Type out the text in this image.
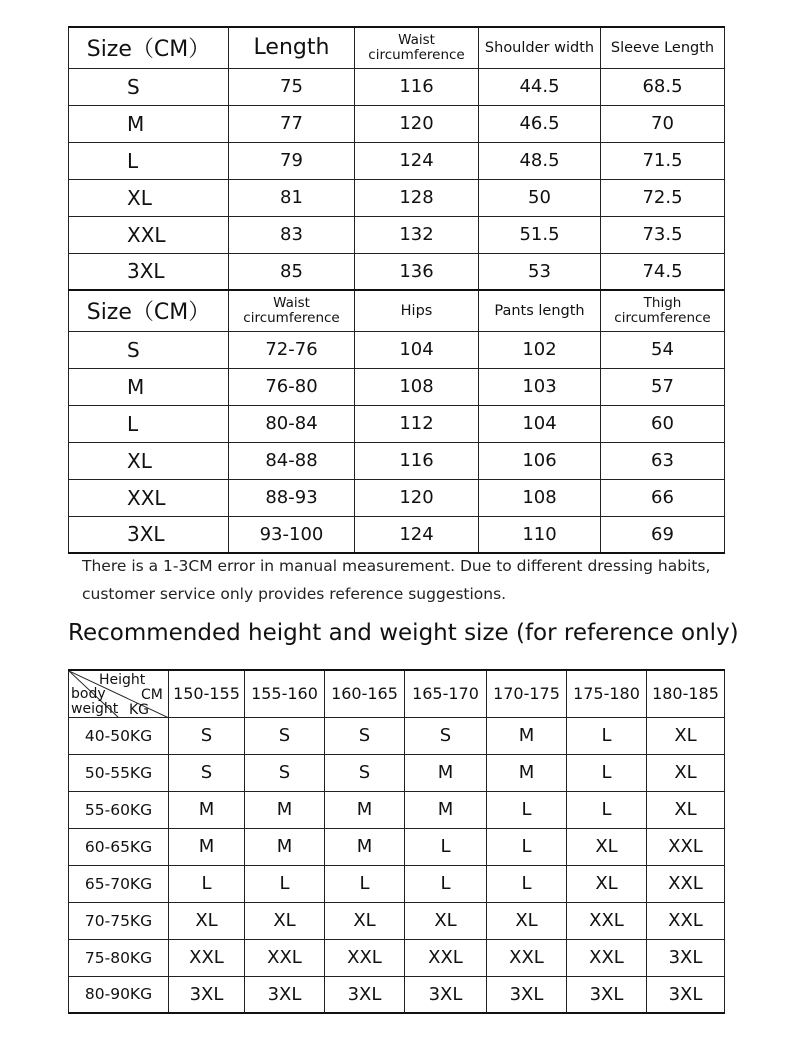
Size（CM）	Length	Waist circumference	Shoulder width	Sleeve Length
S	75	116	44.5	68.5
M	77	120	46.5	70
L	79	124	48.5	71.5
XL	81	128	50	72.5
XXL	83	132	51.5	73.5
3XL	85	136	53	74.5
Size（CM）	Waist circumference	Hips	Pants length	Thigh circumference

S	72-76	104	102	54
M	76-80	108	103	57
L	80-84	112	104	60
XL	84-88	116	106	63
XXL	88-93	120	108	66
3XL	93-100	124	110	69
There is a 1-3CM error in manual measurement. Due to different dressing habits,
customer service only provides reference suggestions.
Recommended height and weight size (for reference only)
Height
CM
body
weight KG	150-155	155-160	160-165	165-170	170-175	175-180	180-185
40-50KG	S	S	S	S	M	L	XL
50-55KG	S	S	S	M	M	L	XL
55-60KG	M	M	M	M	L	L	XL
60-65KG	M	M	M	L	L	XL	XXL
65-70KG	L	L	L	L	L	XL	XXL
70-75KG	XL	XL	XL	XL	XL	XXL	XXL
75-80KG	XXL	XXL	XXL	XXL	XXL	XXL	3XL
80-90KG	3XL	3XL	3XL	3XL	3XL	3XL	3XL
